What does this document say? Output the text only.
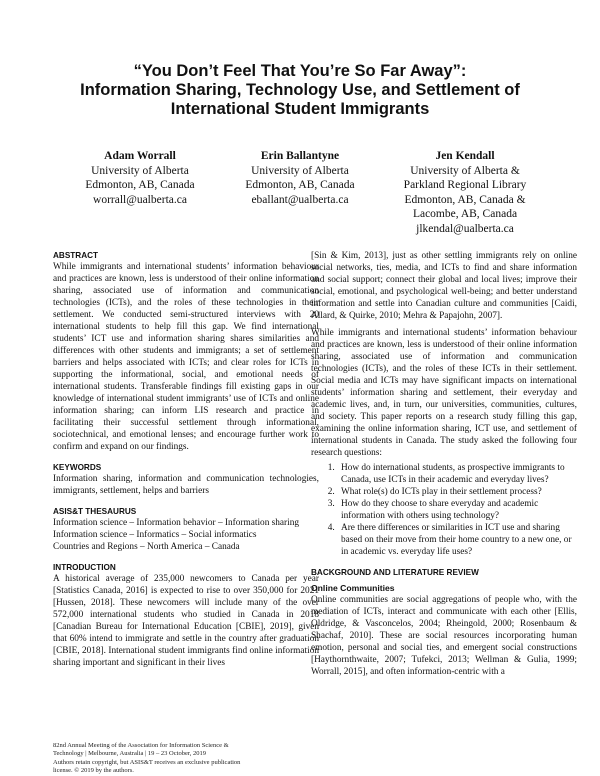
“You Don’t Feel That You’re So Far Away”:
Information Sharing, Technology Use, and Settlement of
International Student Immigrants
Adam Worrall
University of Alberta
Edmonton, AB, Canada
worrall@ualberta.ca
Erin Ballantyne
University of Alberta
Edmonton, AB, Canada
eballant@ualberta.ca
Jen Kendall
University of Alberta &
Parkland Regional Library
Edmonton, AB, Canada &
Lacombe, AB, Canada
jlkendal@ualberta.ca
ABSTRACT

While immigrants and international students’ information behaviour and practices are known, less is understood of their online information sharing, associated use of information and communication technologies (ICTs), and the roles of these technologies in their settlement. We conducted semi-structured interviews with 20 international students to help fill this gap. We find international students’ ICT use and information sharing shares similarities and differences with other students and immigrants; a set of settlement barriers and helps associated with ICTs; and clear roles for ICTs in supporting the informational, social, and emotional needs of international students. Transferable findings fill existing gaps in our knowledge of international student immigrants’ use of ICTs and online information sharing; can inform LIS research and practice in facilitating their successful settlement through informational, sociotechnical, and emotional lenses; and encourage further work to confirm and expand on our findings.

KEYWORDS

Information sharing, information and communication technologies, immigrants, settlement, helps and barriers

ASIS&T THESAURUS

Information science – Information behavior – Information sharing

Information science – Informatics – Social informatics

Countries and Regions – North America – Canada

INTRODUCTION

A historical average of 235,000 newcomers to Canada per year [Statistics Canada, 2016] is expected to rise to over 350,000 for 2021 [Hussen, 2018]. These newcomers will include many of the over 572,000 international students who studied in Canada in 2018 [Canadian Bureau for International Education [CBIE], 2019], given that 60% intend to immigrate and settle in the country after graduation [CBIE, 2018]. International student immigrants find online information sharing important and significant in their lives

[Sin & Kim, 2013], just as other settling immigrants rely on online social networks, ties, media, and ICTs to find and share information and social support; connect their global and local lives; improve their social, emotional, and psychological well-being; and better understand information and settle into Canadian culture and communities [Caidi, Allard, & Quirke, 2010; Mehra & Papajohn, 2007].

While immigrants and international students’ information behaviour and practices are known, less is understood of their online information sharing, associated use of information and communication technologies (ICTs), and the roles of these ICTs in their settlement. Social media and ICTs may have significant impacts on international students’ information sharing and settlement, their everyday and academic lives, and, in turn, our universities, communities, cultures, and society. This paper reports on a research study filling this gap, examining the online information sharing, ICT use, and settlement of international students in Canada. The study asked the following four research questions:

1. How do international students, as prospective immigrants to Canada, use ICTs in their academic and everyday lives?
2. What role(s) do ICTs play in their settlement process?
3. How do they choose to share everyday and academic information with others using technology?
4. Are there differences or similarities in ICT use and sharing based on their move from their home country to a new one, or in academic vs. everyday life uses?
BACKGROUND AND LITERATURE REVIEW
Online Communities

Online communities are social aggregations of people who, with the mediation of ICTs, interact and communicate with each other [Ellis, Oldridge, & Vasconcelos, 2004; Rheingold, 2000; Rosenbaum & Shachaf, 2010]. These are social resources incorporating human emotion, personal and social ties, and emergent social constructions [Haythornthwaite, 2007; Tufekci, 2013; Wellman & Gulia, 1999; Worrall, 2015], and often information-centric with a

82nd Annual Meeting of the Association for Information Science &
Technology | Melbourne, Australia | 19 – 23 October, 2019
Authors retain copyright, but ASIS&T receives an exclusive publication
license. © 2019 by the authors.
